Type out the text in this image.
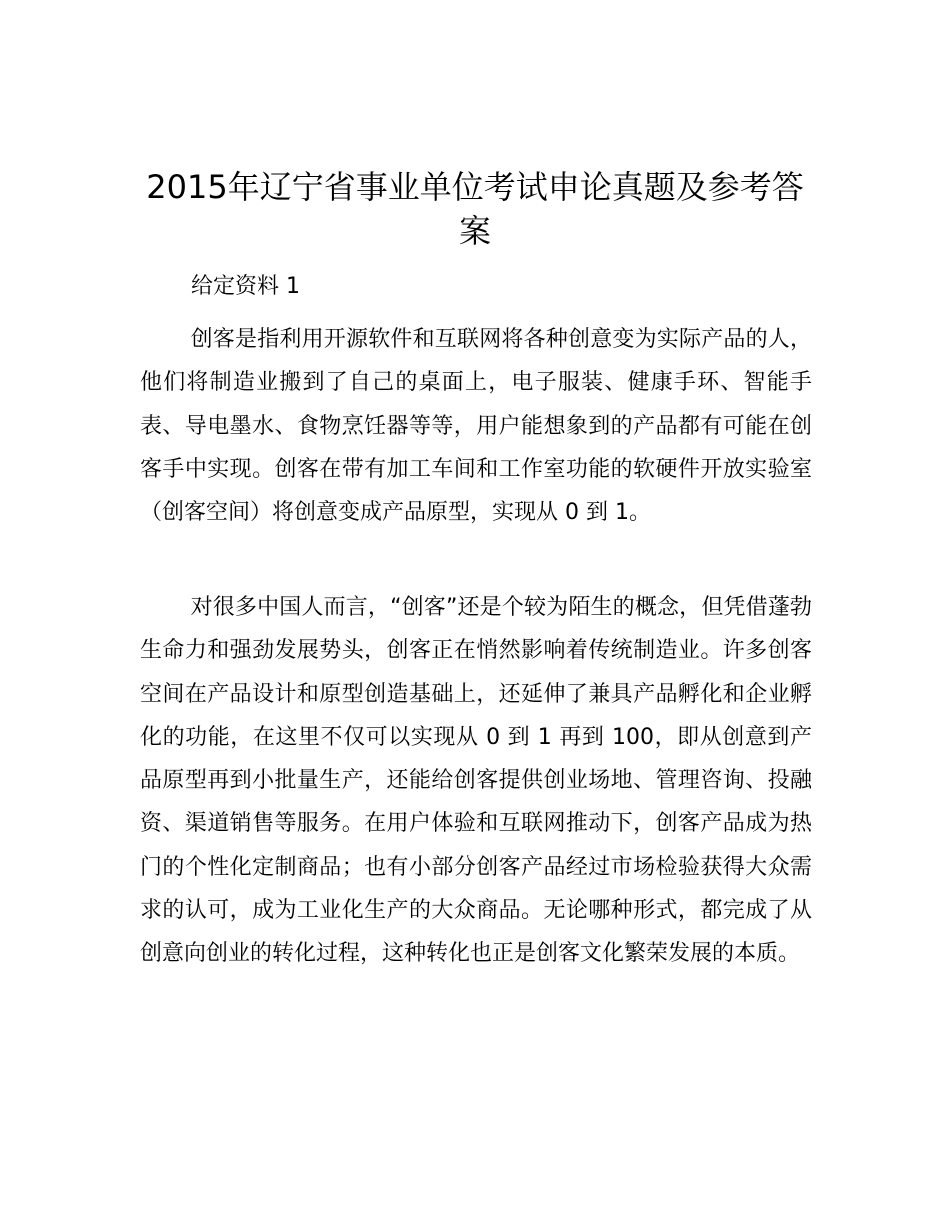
2015年辽宁省事业单位考试申论真题及参考答案

给定资料 1

创客是指利用开源软件和互联网将各种创意变为实际产品的人，他们将制造业搬到了自己的桌面上，电子服装、健康手环、智能手表、导电墨水、食物烹饪器等等，用户能想象到的产品都有可能在创客手中实现。创客在带有加工车间和工作室功能的软硬件开放实验室（创客空间）将创意变成产品原型，实现从 0 到 1。

对很多中国人而言，“创客”还是个较为陌生的概念，但凭借蓬勃生命力和强劲发展势头，创客正在悄然影响着传统制造业。许多创客空间在产品设计和原型创造基础上，还延伸了兼具产品孵化和企业孵化的功能，在这里不仅可以实现从 0 到 1 再到 100，即从创意到产品原型再到小批量生产，还能给创客提供创业场地、管理咨询、投融资、渠道销售等服务。在用户体验和互联网推动下，创客产品成为热门的个性化定制商品；也有小部分创客产品经过市场检验获得大众需求的认可，成为工业化生产的大众商品。无论哪种形式，都完成了从创意向创业的转化过程，这种转化也正是创客文化繁荣发展的本质。
